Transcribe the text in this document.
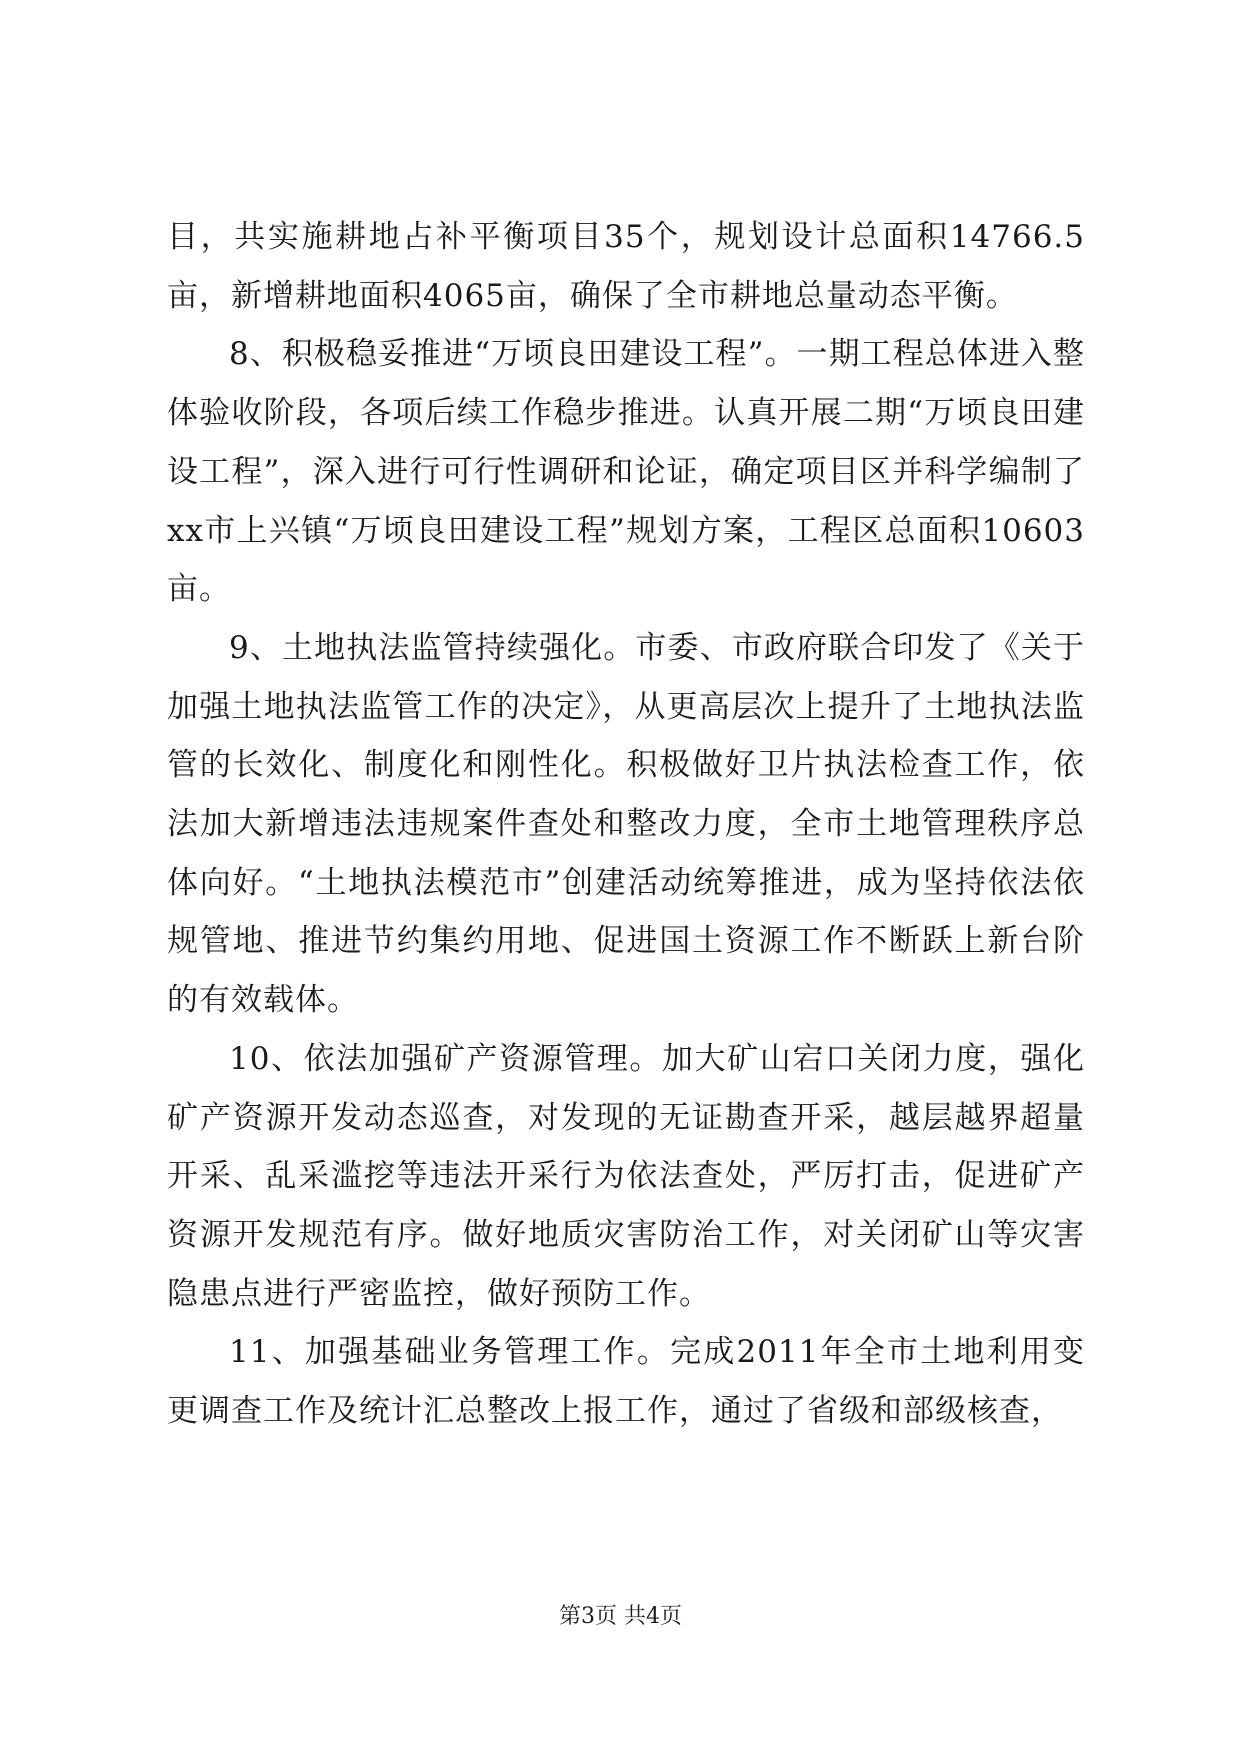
目，共实施耕地占补平衡项目35个，规划设计总面积14766.5亩，新增耕地面积4065亩，确保了全市耕地总量动态平衡。

8、积极稳妥推进“万顷良田建设工程”。一期工程总体进入整体验收阶段，各项后续工作稳步推进。认真开展二期“万顷良田建设工程”，深入进行可行性调研和论证，确定项目区并科学编制了xx市上兴镇“万顷良田建设工程”规划方案，工程区总面积10603亩。

9、土地执法监管持续强化。市委、市政府联合印发了《关于加强土地执法监管工作的决定》，从更高层次上提升了土地执法监管的长效化、制度化和刚性化。积极做好卫片执法检查工作，依法加大新增违法违规案件查处和整改力度，全市土地管理秩序总体向好。“土地执法模范市”创建活动统筹推进，成为坚持依法依规管地、推进节约集约用地、促进国土资源工作不断跃上新台阶的有效载体。

10、依法加强矿产资源管理。加大矿山宕口关闭力度，强化矿产资源开发动态巡查，对发现的无证勘查开采，越层越界超量开采、乱采滥挖等违法开采行为依法查处，严厉打击，促进矿产资源开发规范有序。做好地质灾害防治工作，对关闭矿山等灾害隐患点进行严密监控，做好预防工作。

11、加强基础业务管理工作。完成2011年全市土地利用变更调查工作及统计汇总整改上报工作，通过了省级和部级核查，

第3页 共4页
